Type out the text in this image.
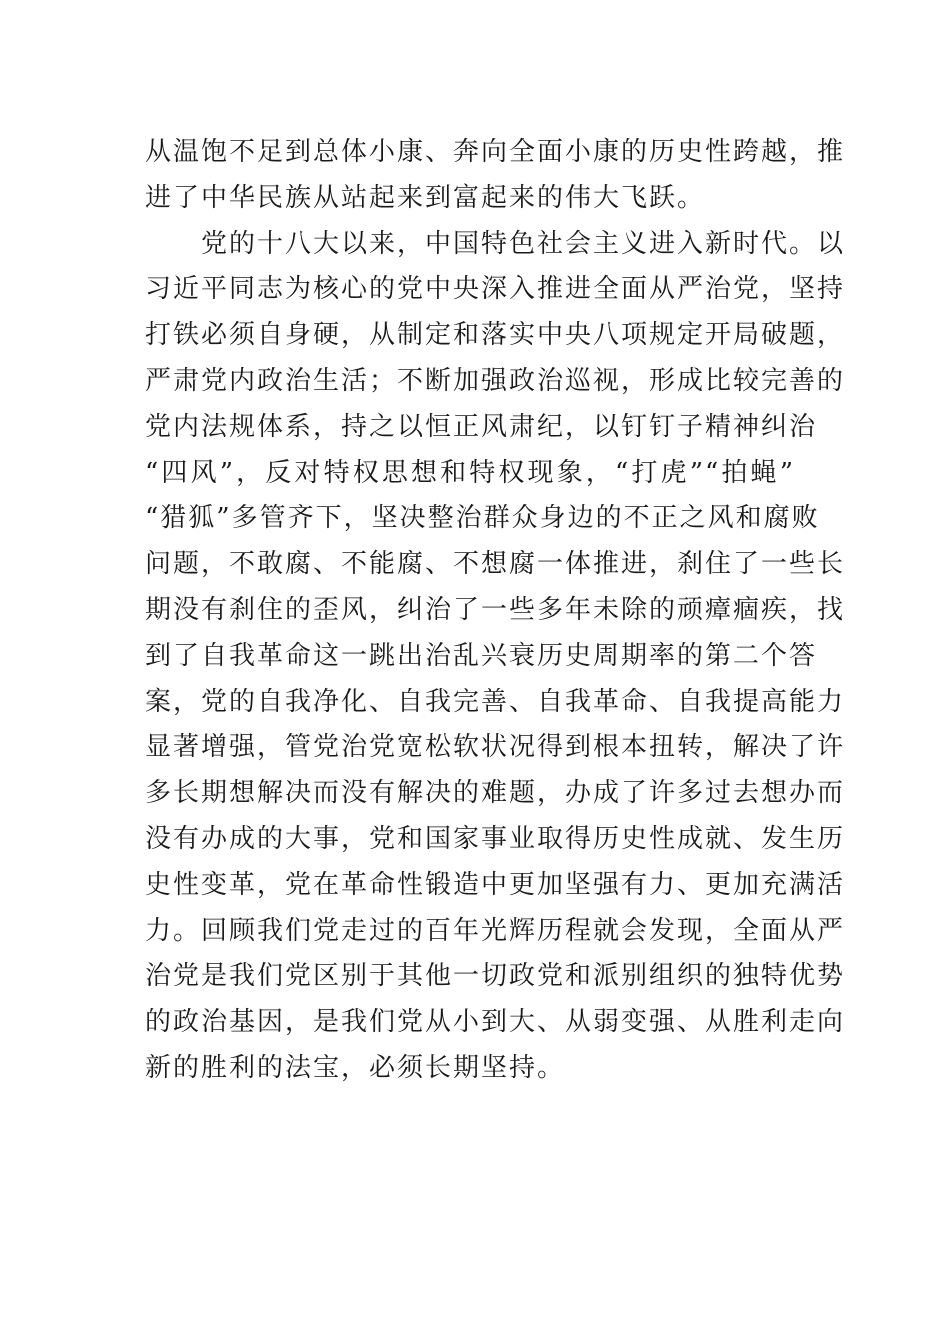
从温饱不足到总体小康、奔向全面小康的历史性跨越，推
进了中华民族从站起来到富起来的伟大飞跃。
党的十八大以来，中国特色社会主义进入新时代。以
习近平同志为核心的党中央深入推进全面从严治党，坚持
打铁必须自身硬，从制定和落实中央八项规定开局破题，
严肃党内政治生活；不断加强政治巡视，形成比较完善的
党内法规体系，持之以恒正风肃纪，以钉钉子精神纠治
“四风”，反对特权思想和特权现象，“打虎”“拍蝇”
“猎狐”多管齐下，坚决整治群众身边的不正之风和腐败
问题，不敢腐、不能腐、不想腐一体推进，刹住了一些长
期没有刹住的歪风，纠治了一些多年未除的顽瘴痼疾，找
到了自我革命这一跳出治乱兴衰历史周期率的第二个答
案，党的自我净化、自我完善、自我革命、自我提高能力
显著增强，管党治党宽松软状况得到根本扭转，解决了许
多长期想解决而没有解决的难题，办成了许多过去想办而
没有办成的大事，党和国家事业取得历史性成就、发生历
史性变革，党在革命性锻造中更加坚强有力、更加充满活
力。回顾我们党走过的百年光辉历程就会发现，全面从严
治党是我们党区别于其他一切政党和派别组织的独特优势
的政治基因，是我们党从小到大、从弱变强、从胜利走向
新的胜利的法宝，必须长期坚持。
